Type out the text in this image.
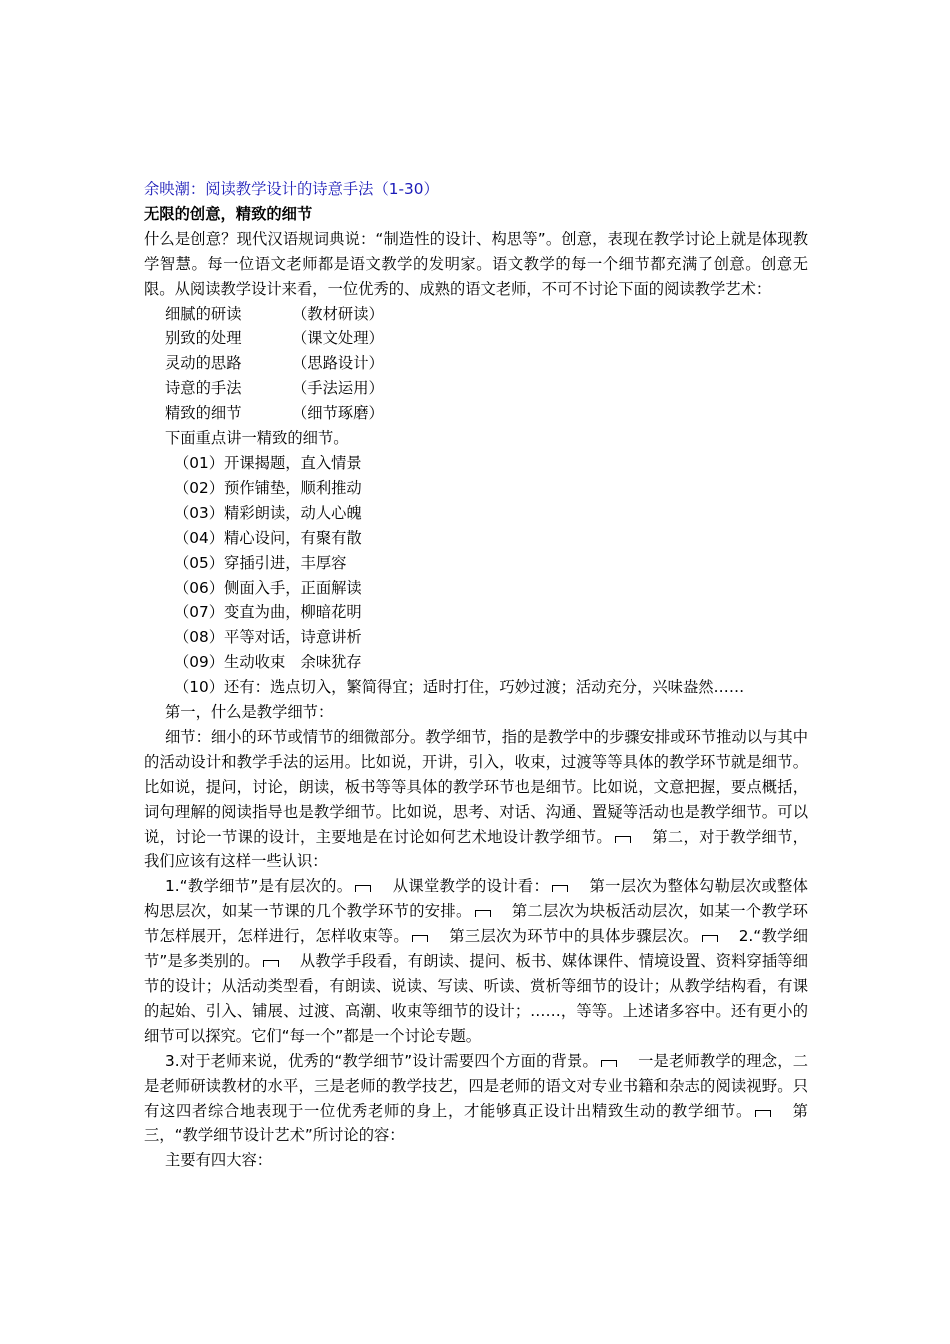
余映潮：阅读教学设计的诗意手法（1-30）
无限的创意，精致的细节

什么是创意？现代汉语规词典说：“制造性的设计、构思等”。创意，表现在教学讨论上就是体现教学智慧。每一位语文老师都是语文教学的发明家。语文教学的每一个细节都充满了创意。创意无限。从阅读教学设计来看，一位优秀的、成熟的语文老师，不可不讨论下面的阅读教学艺术：

细腻的研读	（教材研读）
别致的处理	（课文处理）
灵动的思路	（思路设计）
诗意的手法	（手法运用）
精致的细节	（细节琢磨）
下面重点讲一精致的细节。
（01）开课揭题，直入情景
（02）预作铺垫，顺利推动
（03）精彩朗读，动人心魄
（04）精心设问，有聚有散
（05）穿插引进，丰厚容
（06）侧面入手，正面解读
（07）变直为曲，柳暗花明
（08）平等对话，诗意讲析
（09）生动收束　余味犹存
（10）还有：选点切入，繁简得宜；适时打住，巧妙过渡；活动充分，兴味盎然……
第一，什么是教学细节：

细节：细小的环节或情节的细微部分。教学细节，指的是教学中的步骤安排或环节推动以与其中的活动设计和教学手法的运用。比如说，开讲，引入，收束，过渡等等具体的教学环节就是细节。比如说，提问，讨论，朗读，板书等等具体的教学环节也是细节。比如说，文意把握，要点概括，词句理解的阅读指导也是教学细节。比如说，思考、对话、沟通、置疑等活动也是教学细节。可以说，讨论一节课的设计，主要地是在讨论如何艺术地设计教学细节。	第二，对于教学细节，我们应该有这样一些认识：

1.“教学细节”是有层次的。	从课堂教学的设计看：	第一层次为整体勾勒层次或整体构思层次，如某一节课的几个教学环节的安排。	第二层次为块板活动层次，如某一个教学环节怎样展开，怎样进行，怎样收束等。	第三层次为环节中的具体步骤层次。	2.“教学细节”是多类别的。	从教学手段看，有朗读、提问、板书、媒体课件、情境设置、资料穿插等细节的设计；从活动类型看，有朗读、说读、写读、听读、赏析等细节的设计；从教学结构看，有课的起始、引入、铺展、过渡、高潮、收束等细节的设计；……，等等。上述诸多容中。还有更小的细节可以探究。它们“每一个”都是一个讨论专题。

3.对于老师来说，优秀的“教学细节”设计需要四个方面的背景。	一是老师教学的理念，二是老师研读教材的水平，三是老师的教学技艺，四是老师的语文对专业书籍和杂志的阅读视野。只有这四者综合地表现于一位优秀老师的身上，才能够真正设计出精致生动的教学细节。	第三，“教学细节设计艺术”所讨论的容：

主要有四大容：
